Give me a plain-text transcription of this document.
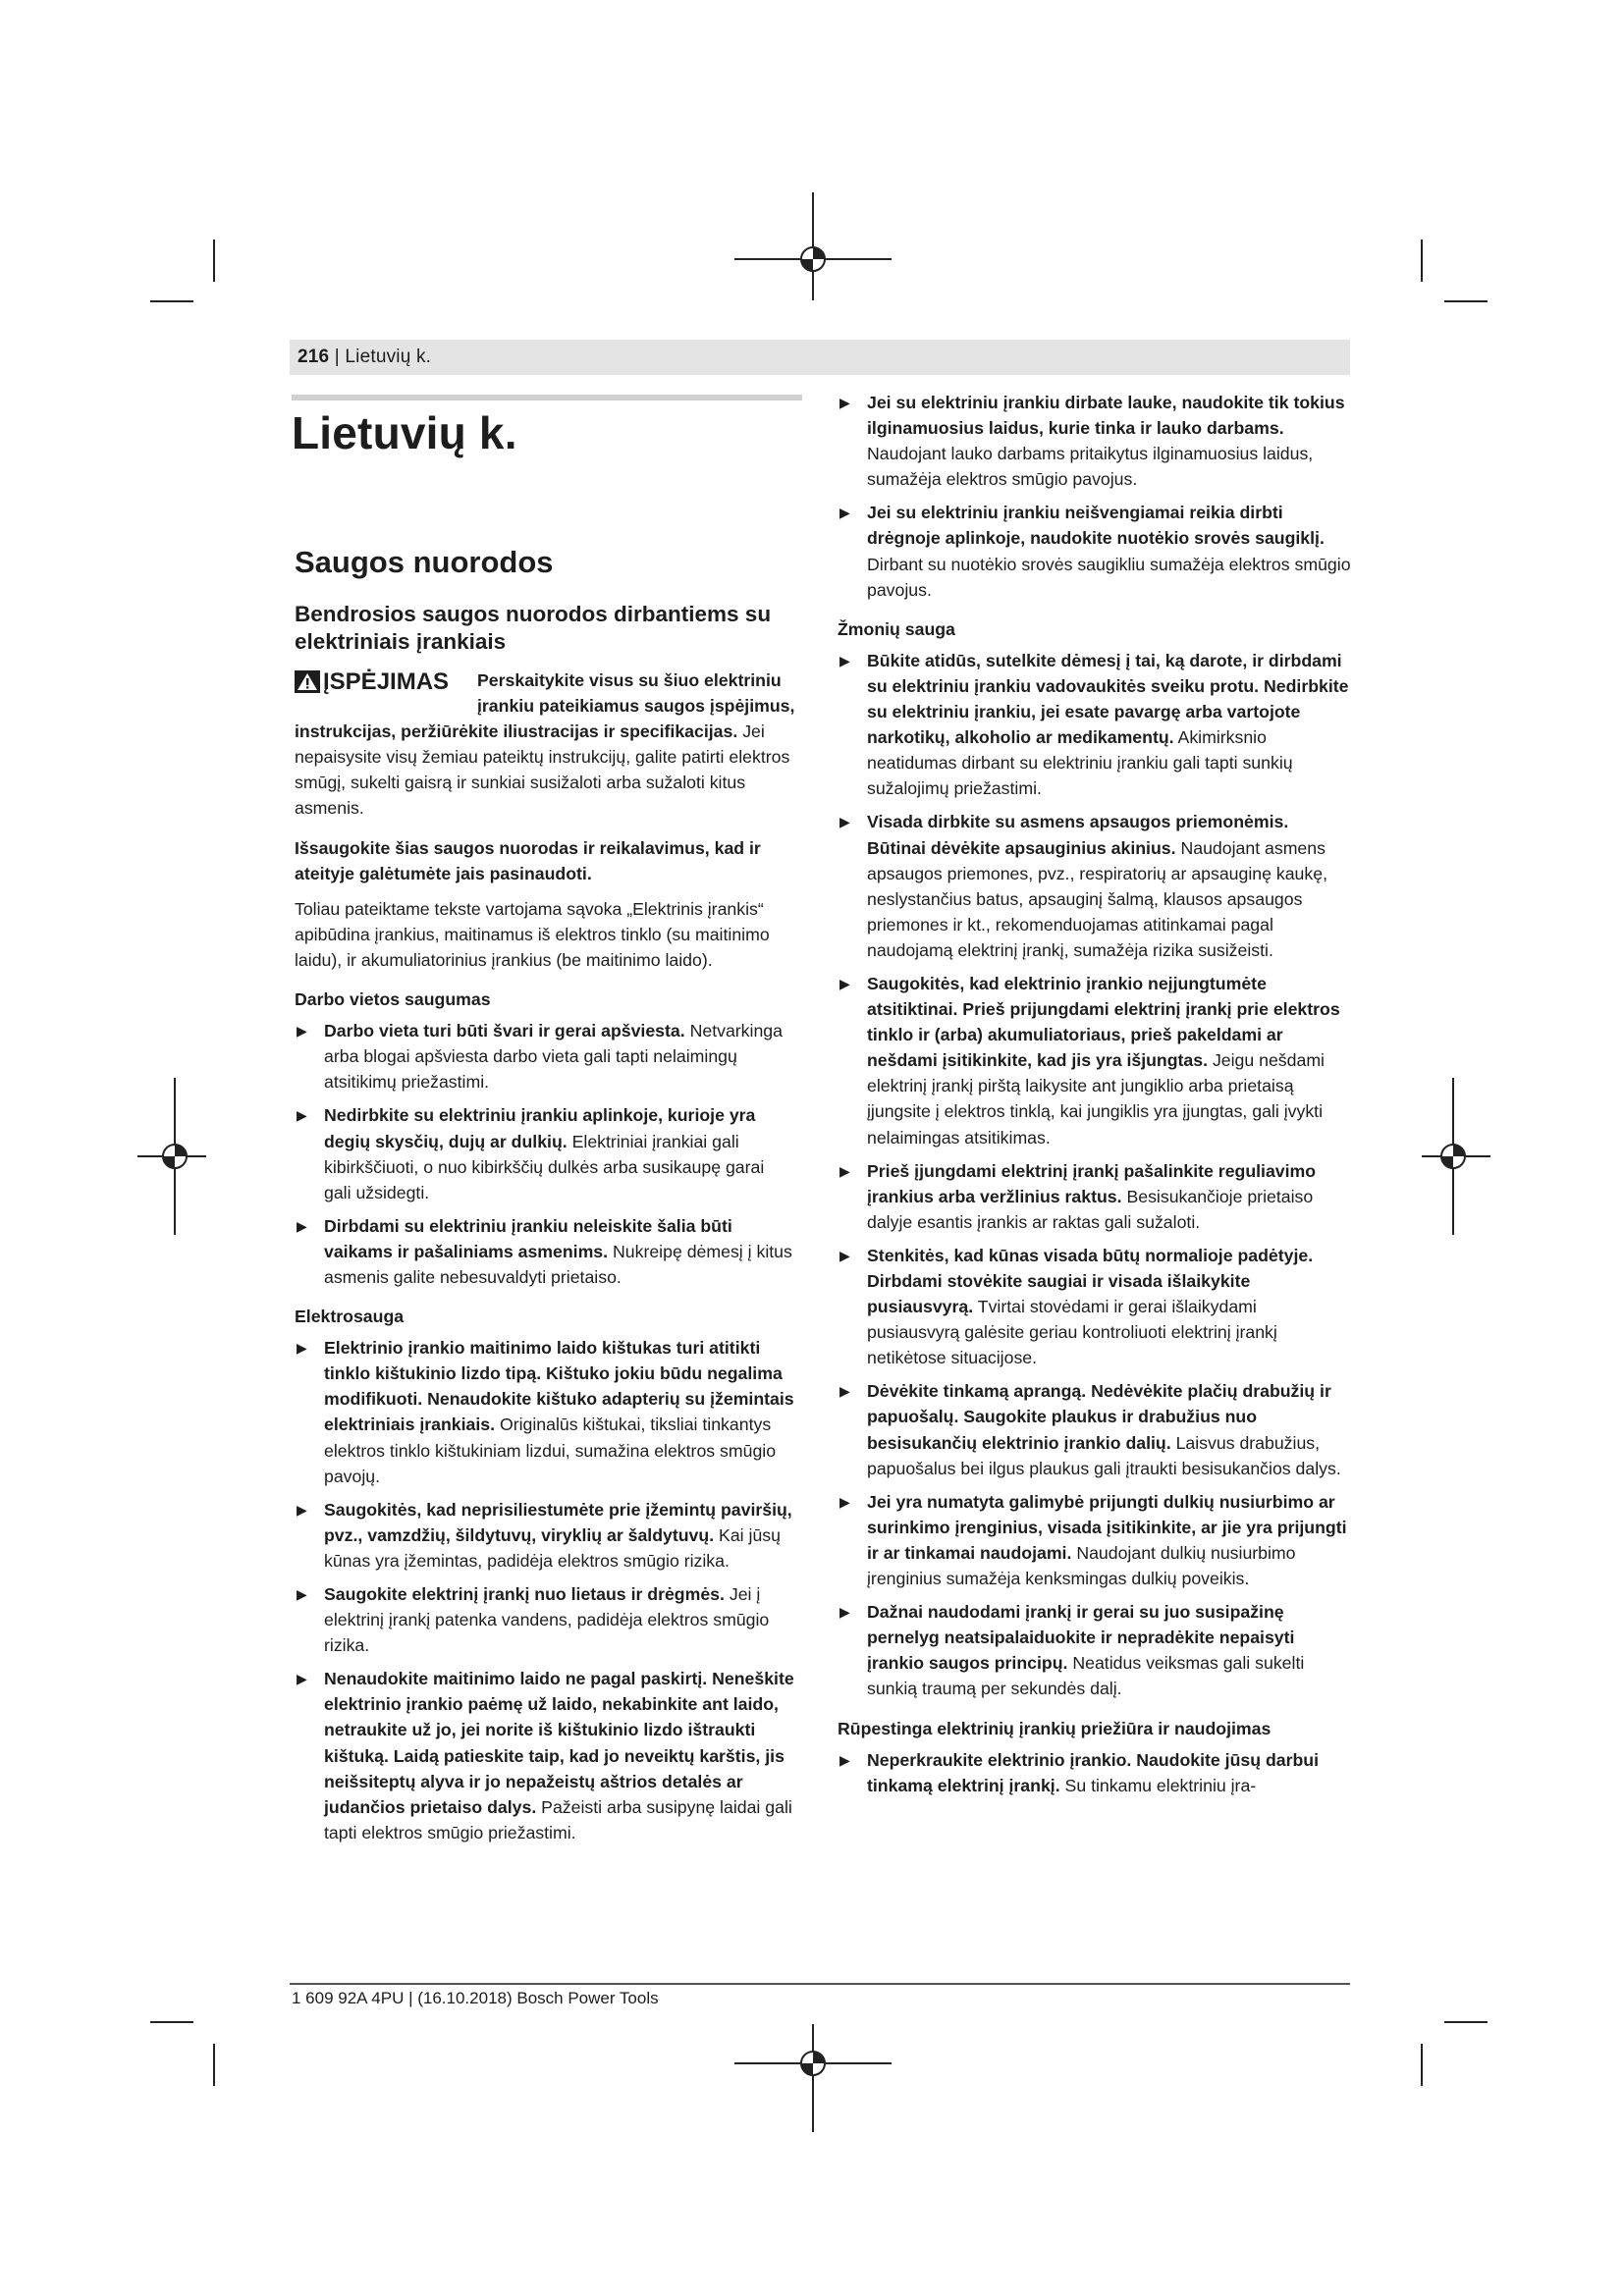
216 | Lietuvių k.
Lietuvių k.

Saugos nuorodos

Bendrosios saugos nuorodos dirbantiems su elektriniais įrankiais

ĮSPĖJIMAS	Perskaitykite visus su šiuo elektriniu įrankiu pateikiamus saugos įspėjimus, instrukcijas, peržiūrėkite iliustracijas ir specifikacijas. Jei nepaisysite visų žemiau pateiktų instrukcijų, galite patirti elektros smūgį, sukelti gaisrą ir sunkiai susižaloti arba sužaloti kitus asmenis.

Išsaugokite šias saugos nuorodas ir reikalavimus, kad ir ateityje galėtumėte jais pasinaudoti.

Toliau pateiktame tekste vartojama sąvoka „Elektrinis įrankis“ apibūdina įrankius, maitinamus iš elektros tinklo (su maitinimo laidu), ir akumuliatorinius įrankius (be maitinimo laido).

Darbo vietos saugumas

▶ Darbo vieta turi būti švari ir gerai apšviesta. Netvarkinga arba blogai apšviesta darbo vieta gali tapti nelaimingų atsitikimų priežastimi.
▶ Nedirbkite su elektriniu įrankiu aplinkoje, kurioje yra degių skysčių, dujų ar dulkių. Elektriniai įrankiai gali kibirkščiuoti, o nuo kibirkščių dulkės arba susikaupę garai gali užsidegti.
▶ Dirbdami su elektriniu įrankiu neleiskite šalia būti vaikams ir pašaliniams asmenims. Nukreipę dėmesį į kitus asmenis galite nebesuvaldyti prietaiso.

Elektrosauga

▶ Elektrinio įrankio maitinimo laido kištukas turi atitikti tinklo kištukinio lizdo tipą. Kištuko jokiu būdu negalima modifikuoti. Nenaudokite kištuko adapterių su įžemintais elektriniais įrankiais. Originalūs kištukai, tiksliai tinkantys elektros tinklo kištukiniam lizdui, sumažina elektros smūgio pavojų.
▶ Saugokitės, kad neprisiliestumėte prie įžemintų paviršių, pvz., vamzdžių, šildytuvų, viryklių ar šaldytuvų. Kai jūsų kūnas yra įžemintas, padidėja elektros smūgio rizika.
▶ Saugokite elektrinį įrankį nuo lietaus ir drėgmės. Jei į elektrinį įrankį patenka vandens, padidėja elektros smūgio rizika.
▶ Nenaudokite maitinimo laido ne pagal paskirtį. Neneškite elektrinio įrankio paėmę už laido, nekabinkite ant laido, netraukite už jo, jei norite iš kištukinio lizdo ištraukti kištuką. Laidą patieskite taip, kad jo neveiktų karštis, jis neišsiteptų alyva ir jo nepažeistų aštrios detalės ar judančios prietaiso dalys. Pažeisti arba susipynę laidai gali tapti elektros smūgio priežastimi.
▶ Jei su elektriniu įrankiu dirbate lauke, naudokite tik tokius ilginamuosius laidus, kurie tinka ir lauko darbams. Naudojant lauko darbams pritaikytus ilginamuosius laidus, sumažėja elektros smūgio pavojus.
▶ Jei su elektriniu įrankiu neišvengiamai reikia dirbti drėgnoje aplinkoje, naudokite nuotėkio srovės saugiklį. Dirbant su nuotėkio srovės saugikliu sumažėja elektros smūgio pavojus.

Žmonių sauga

▶ Būkite atidūs, sutelkite dėmesį į tai, ką darote, ir dirbdami su elektriniu įrankiu vadovaukitės sveiku protu. Nedirbkite su elektriniu įrankiu, jei esate pavargę arba vartojote narkotikų, alkoholio ar medikamentų. Akimirksnio neatidumas dirbant su elektriniu įrankiu gali tapti sunkių sužalojimų priežastimi.
▶ Visada dirbkite su asmens apsaugos priemonėmis. Būtinai dėvėkite apsauginius akinius. Naudojant asmens apsaugos priemones, pvz., respiratorių ar apsauginę kaukę, neslystančius batus, apsauginį šalmą, klausos apsaugos priemones ir kt., rekomenduojamas atitinkamai pagal naudojamą elektrinį įrankį, sumažėja rizika susižeisti.
▶ Saugokitės, kad elektrinio įrankio neįjungtumėte atsitiktinai. Prieš prijungdami elektrinį įrankį prie elektros tinklo ir (arba) akumuliatoriaus, prieš pakeldami ar nešdami įsitikinkite, kad jis yra išjungtas. Jeigu nešdami elektrinį įrankį pirštą laikysite ant jungiklio arba prietaisą įjungsite į elektros tinklą, kai jungiklis yra įjungtas, gali įvykti nelaimingas atsitikimas.
▶ Prieš įjungdami elektrinį įrankį pašalinkite reguliavimo įrankius arba veržlinius raktus. Besisukančioje prietaiso dalyje esantis įrankis ar raktas gali sužaloti.
▶ Stenkitės, kad kūnas visada būtų normalioje padėtyje. Dirbdami stovėkite saugiai ir visada išlaikykite pusiausvyrą. Tvirtai stovėdami ir gerai išlaikydami pusiausvyrą galėsite geriau kontroliuoti elektrinį įrankį netikėtose situacijose.
▶ Dėvėkite tinkamą aprangą. Nedėvėkite plačių drabužių ir papuošalų. Saugokite plaukus ir drabužius nuo besisukančių elektrinio įrankio dalių. Laisvus drabužius, papuošalus bei ilgus plaukus gali įtraukti besisukančios dalys.
▶ Jei yra numatyta galimybė prijungti dulkių nusiurbimo ar surinkimo įrenginius, visada įsitikinkite, ar jie yra prijungti ir ar tinkamai naudojami. Naudojant dulkių nusiurbimo įrenginius sumažėja kenksmingas dulkių poveikis.
▶ Dažnai naudodami įrankį ir gerai su juo susipažinę pernelyg neatsipalaiduokite ir nepradėkite nepaisyti įrankio saugos principų. Neatidus veiksmas gali sukelti sunkią traumą per sekundės dalį.

Rūpestinga elektrinių įrankių priežiūra ir naudojimas

▶ Neperkraukite elektrinio įrankio. Naudokite jūsų darbui tinkamą elektrinį įrankį. Su tinkamu elektriniu įra-
1 609 92A 4PU | (16.10.2018) Bosch Power Tools
